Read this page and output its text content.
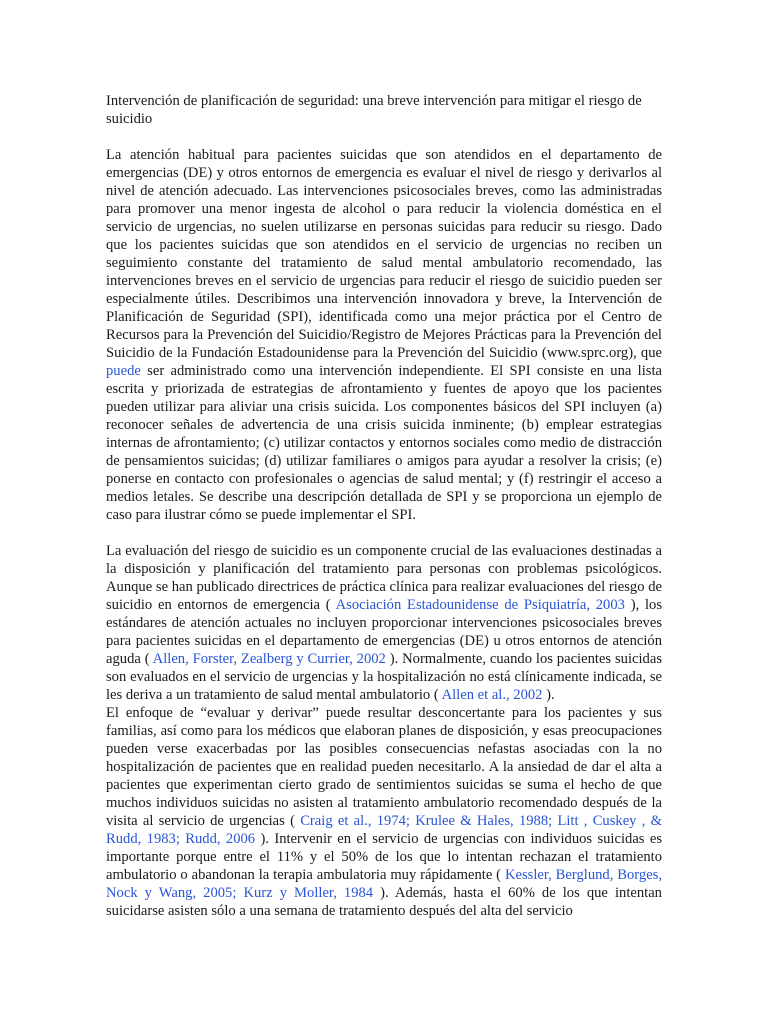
Intervención de planificación de seguridad: una breve intervención para mitigar el riesgo de suicidio

La atención habitual para pacientes suicidas que son atendidos en el departamento de emergencias (DE) y otros entornos de emergencia es evaluar el nivel de riesgo y derivarlos al nivel de atención adecuado. Las intervenciones psicosociales breves, como las administradas para promover una menor ingesta de alcohol o para reducir la violencia doméstica en el servicio de urgencias, no suelen utilizarse en personas suicidas para reducir su riesgo. Dado que los pacientes suicidas que son atendidos en el servicio de urgencias no reciben un seguimiento constante del tratamiento de salud mental ambulatorio recomendado, las intervenciones breves en el servicio de urgencias para reducir el riesgo de suicidio pueden ser especialmente útiles. Describimos una intervención innovadora y breve, la Intervención de Planificación de Seguridad (SPI), identificada como una mejor práctica por el Centro de Recursos para la Prevención del Suicidio/Registro de Mejores Prácticas para la Prevención del Suicidio de la Fundación Estadounidense para la Prevención del Suicidio (www.sprc.org), que puede ser administrado como una intervención independiente. El SPI consiste en una lista escrita y priorizada de estrategias de afrontamiento y fuentes de apoyo que los pacientes pueden utilizar para aliviar una crisis suicida. Los componentes básicos del SPI incluyen (a) reconocer señales de advertencia de una crisis suicida inminente; (b) emplear estrategias internas de afrontamiento; (c) utilizar contactos y entornos sociales como medio de distracción de pensamientos suicidas; (d) utilizar familiares o amigos para ayudar a resolver la crisis; (e) ponerse en contacto con profesionales o agencias de salud mental; y (f) restringir el acceso a medios letales. Se describe una descripción detallada de SPI y se proporciona un ejemplo de caso para ilustrar cómo se puede implementar el SPI.

La evaluación del riesgo de suicidio es un componente crucial de las evaluaciones destinadas a la disposición y planificación del tratamiento para personas con problemas psicológicos. Aunque se han publicado directrices de práctica clínica para realizar evaluaciones del riesgo de suicidio en entornos de emergencia ( Asociación Estadounidense de Psiquiatría, 2003 ), los estándares de atención actuales no incluyen proporcionar intervenciones psicosociales breves para pacientes suicidas en el departamento de emergencias (DE) u otros entornos de atención aguda ( Allen, Forster, Zealberg y Currier, 2002 ). Normalmente, cuando los pacientes suicidas son evaluados en el servicio de urgencias y la hospitalización no está clínicamente indicada, se les deriva a un tratamiento de salud mental ambulatorio ( Allen et al., 2002 ).

El enfoque de “evaluar y derivar” puede resultar desconcertante para los pacientes y sus familias, así como para los médicos que elaboran planes de disposición, y esas preocupaciones pueden verse exacerbadas por las posibles consecuencias nefastas asociadas con la no hospitalización de pacientes que en realidad pueden necesitarlo. A la ansiedad de dar el alta a pacientes que experimentan cierto grado de sentimientos suicidas se suma el hecho de que muchos individuos suicidas no asisten al tratamiento ambulatorio recomendado después de la visita al servicio de urgencias ( Craig et al., 1974; Krulee & Hales, 1988; Litt , Cuskey , & Rudd, 1983; Rudd, 2006 ). Intervenir en el servicio de urgencias con individuos suicidas es importante porque entre el 11% y el 50% de los que lo intentan rechazan el tratamiento ambulatorio o abandonan la terapia ambulatoria muy rápidamente ( Kessler, Berglund, Borges, Nock y Wang, 2005; Kurz y Moller, 1984 ). Además, hasta el 60% de los que intentan suicidarse asisten sólo a una semana de tratamiento después del alta del servicio
